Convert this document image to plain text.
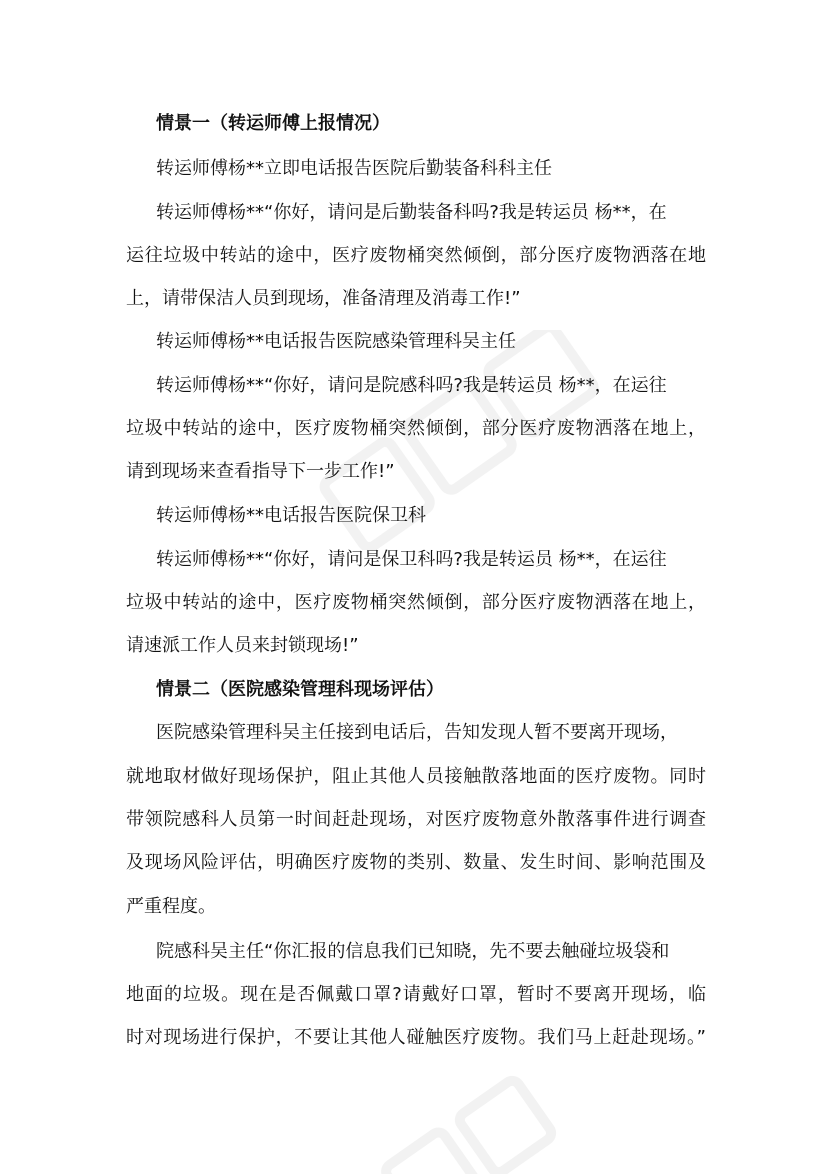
情景一（转运师傅上报情况）
转运师傅杨**立即电话报告医院后勤装备科科主任
转运师傅杨**“你好，请问是后勤装备科吗?我是转运员 杨**，在
运往垃圾中转站的途中，医疗废物桶突然倾倒，部分医疗废物洒落在地
上，请带保洁人员到现场，准备清理及消毒工作!”
转运师傅杨**电话报告医院感染管理科吴主任
转运师傅杨**“你好，请问是院感科吗?我是转运员 杨**，在运往
垃圾中转站的途中，医疗废物桶突然倾倒，部分医疗废物洒落在地上，
请到现场来查看指导下一步工作!”
转运师傅杨**电话报告医院保卫科
转运师傅杨**“你好，请问是保卫科吗?我是转运员 杨**，在运往
垃圾中转站的途中，医疗废物桶突然倾倒，部分医疗废物洒落在地上，
请速派工作人员来封锁现场!”
情景二（医院感染管理科现场评估）
医院感染管理科吴主任接到电话后，告知发现人暂不要离开现场，
就地取材做好现场保护，阻止其他人员接触散落地面的医疗废物。同时
带领院感科人员第一时间赶赴现场，对医疗废物意外散落事件进行调查
及现场风险评估，明确医疗废物的类别、数量、发生时间、影响范围及
严重程度。
院感科吴主任“你汇报的信息我们已知晓，先不要去触碰垃圾袋和
地面的垃圾。现在是否佩戴口罩?请戴好口罩，暂时不要离开现场，临
时对现场进行保护，不要让其他人碰触医疗废物。我们马上赶赴现场。”
